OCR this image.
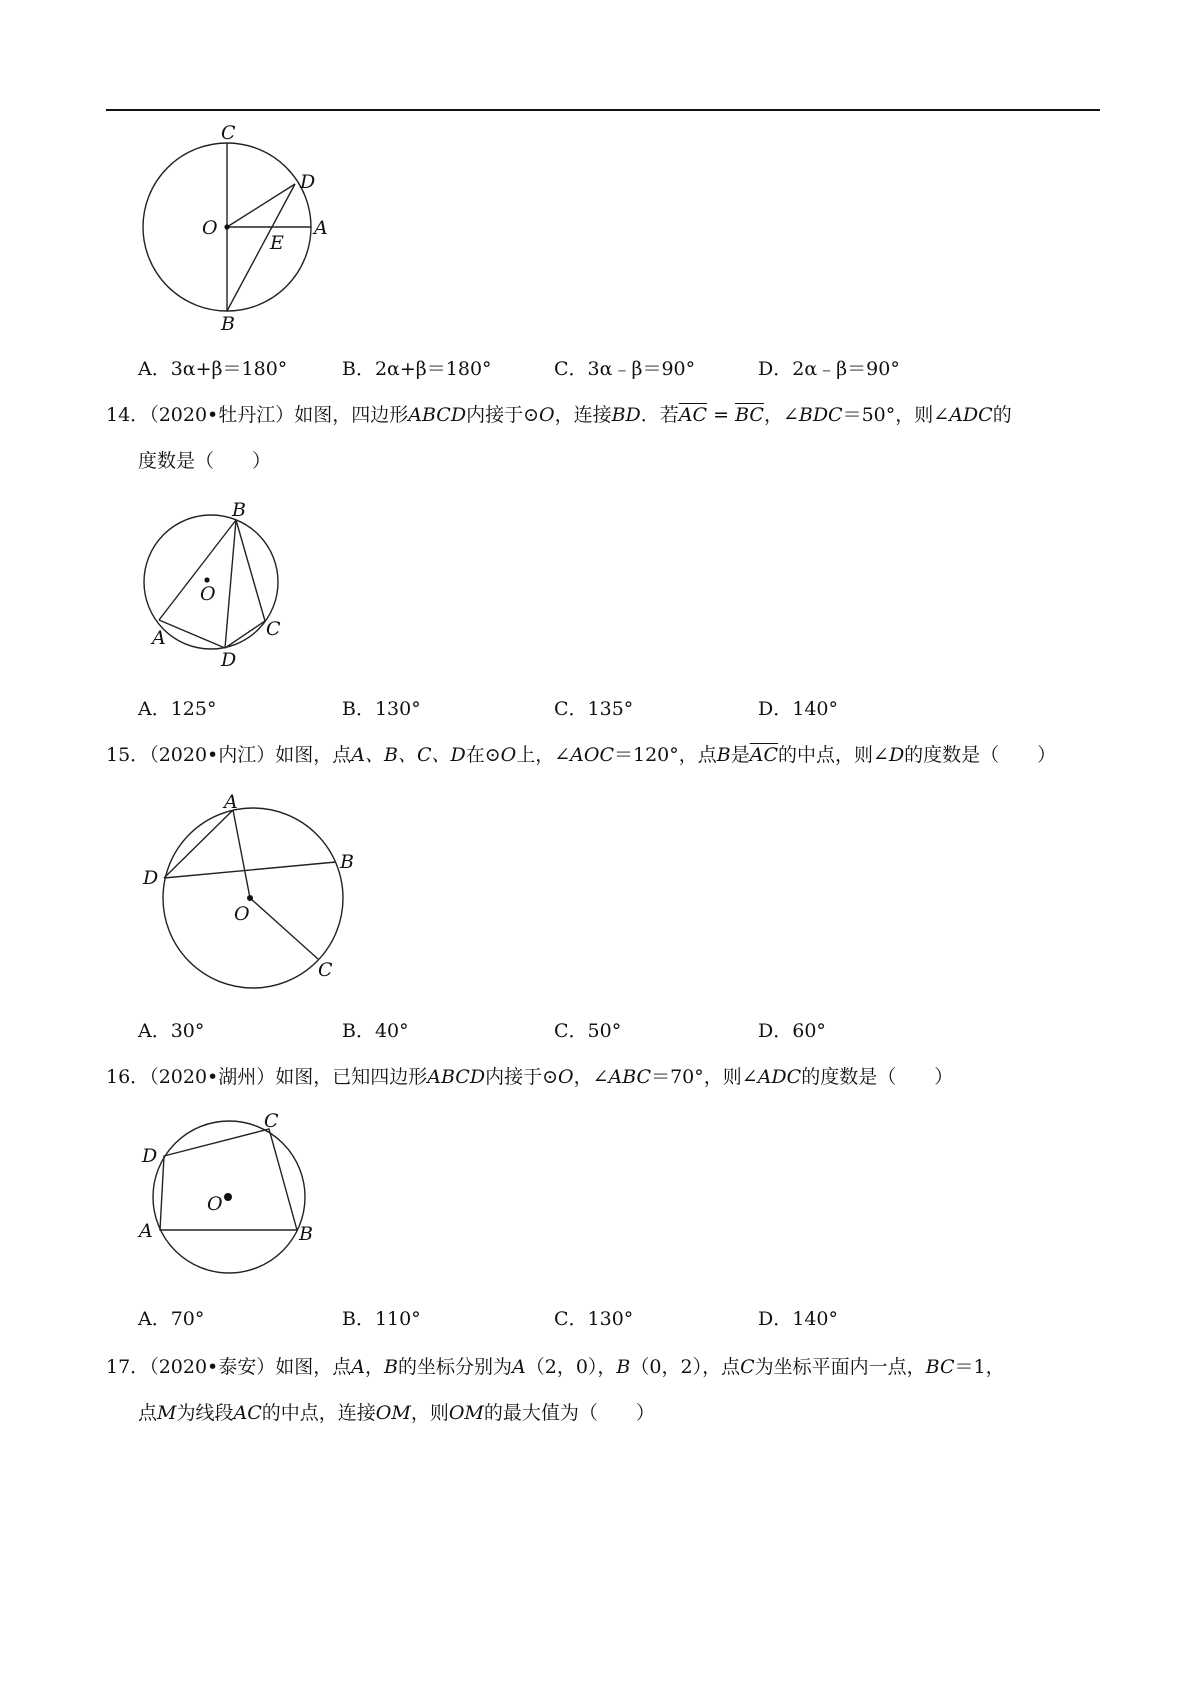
C
D
O
E
A
B
A．3α+β＝180°	B．2α+β＝180°	C．3α﹣β＝90°	D．2α﹣β＝90°
14．（2020•牡丹江）如图，四边形ABCD内接于⊙O，连接BD．若$\overline{AC} = \overline{BC}$，∠BDC＝50°，则∠ADC的
度数是（　　）
B
O
A
D
C
A．125°	B．130°	C．135°	D．140°
15．（2020•内江）如图，点A、B、C、D在⊙O上，∠AOC＝120°，点B是$\overline{AC}$的中点，则∠D的度数是（　　）
A
D
B
O
C
A．30°	B．40°	C．50°	D．60°
16．（2020•湖州）如图，已知四边形ABCD内接于⊙O，∠ABC＝70°，则∠ADC的度数是（　　）
C
D
O
A	B
A．70°	B．110°	C．130°	D．140°
17．（2020•泰安）如图，点A，B的坐标分别为A（2，0），B（0，2），点C为坐标平面内一点，BC＝1，
点M为线段AC的中点，连接OM，则OM的最大值为（　　）
